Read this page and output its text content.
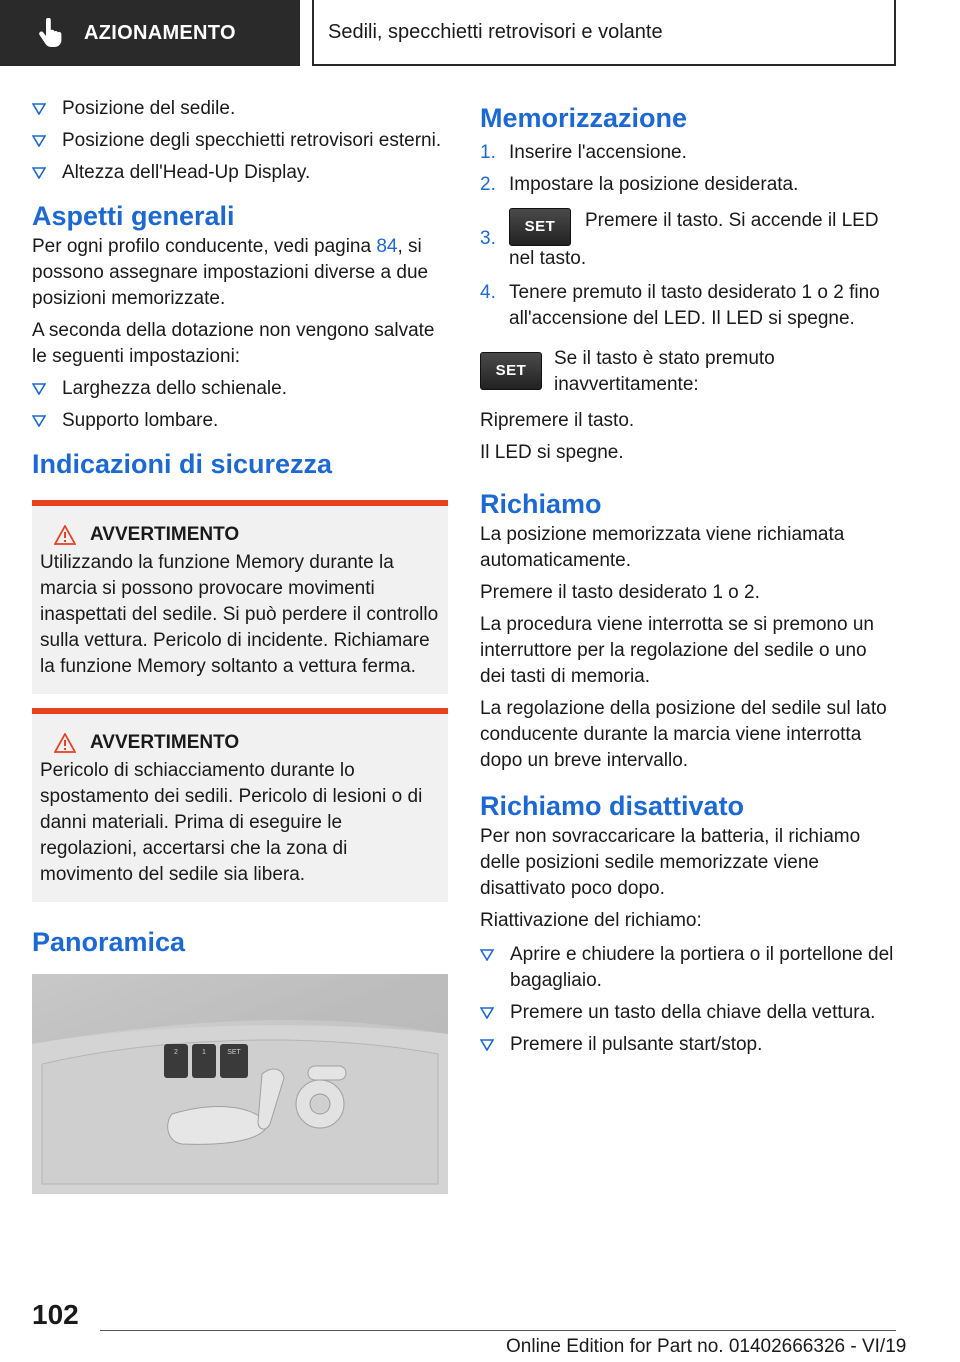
AZIONAMENTO	Sedili, specchietti retrovisori e volante
Posizione del sedile.
Posizione degli specchietti retrovisori esterni.
Altezza dell'Head-Up Display.
Aspetti generali

Per ogni profilo conducente, vedi pagina 84, si possono assegnare impostazioni diverse a due posizioni memorizzate.

A seconda della dotazione non vengono salvate le seguenti impostazioni:

Larghezza dello schienale.
Supporto lombare.
Indicazioni di sicurezza
AVVERTIMENTO

Utilizzando la funzione Memory durante la marcia si possono provocare movimenti inaspettati del sedile. Si può perdere il controllo sulla vettura. Pericolo di incidente. Richiamare la funzione Memory soltanto a vettura ferma.

AVVERTIMENTO

Pericolo di schiacciamento durante lo spostamento dei sedili. Pericolo di lesioni o di danni materiali. Prima di eseguire le regolazioni, accertarsi che la zona di movimento del sedile sia libera.

Panoramica
2	1	SET
Memorizzazione
1. Inserire l'accensione.
2. Impostare la posizione desiderata.
3.
SET Premere il tasto. Si accende il LED nel tasto.
4. Tenere premuto il tasto desiderato 1 o 2 fino all'accensione del LED. Il LED si spegne.
SET
Se il tasto è stato premuto inavvertitamente:

Ripremere il tasto.

Il LED si spegne.

Richiamo

La posizione memorizzata viene richiamata automaticamente.

Premere il tasto desiderato 1 o 2.

La procedura viene interrotta se si premono un interruttore per la regolazione del sedile o uno dei tasti di memoria.

La regolazione della posizione del sedile sul lato conducente durante la marcia viene interrotta dopo un breve intervallo.

Richiamo disattivato

Per non sovraccaricare la batteria, il richiamo delle posizioni sedile memorizzate viene disattivato poco dopo.

Riattivazione del richiamo:

Aprire e chiudere la portiera o il portellone del bagagliaio.
Premere un tasto della chiave della vettura.
Premere il pulsante start/stop.
102
Online Edition for Part no. 01402666326 - VI/19
